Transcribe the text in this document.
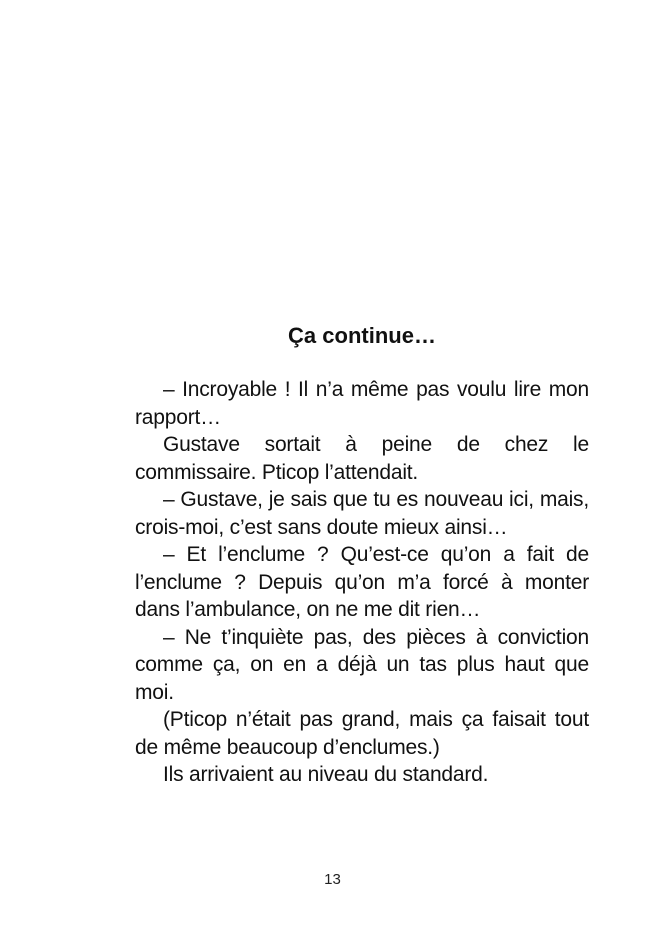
Ça continue…

– Incroyable ! Il n’a même pas voulu lire mon rapport…

Gustave sortait à peine de chez le commissaire. Pticop l’attendait.

– Gustave, je sais que tu es nouveau ici, mais, crois-moi, c’est sans doute mieux ainsi…

– Et l’enclume ? Qu’est-ce qu’on a fait de l’enclume ? Depuis qu’on m’a forcé à monter dans l’ambulance, on ne me dit rien…

– Ne t’inquiète pas, des pièces à conviction comme ça, on en a déjà un tas plus haut que moi.

(Pticop n’était pas grand, mais ça faisait tout de même beaucoup d’enclumes.)

Ils arrivaient au niveau du standard.

13
